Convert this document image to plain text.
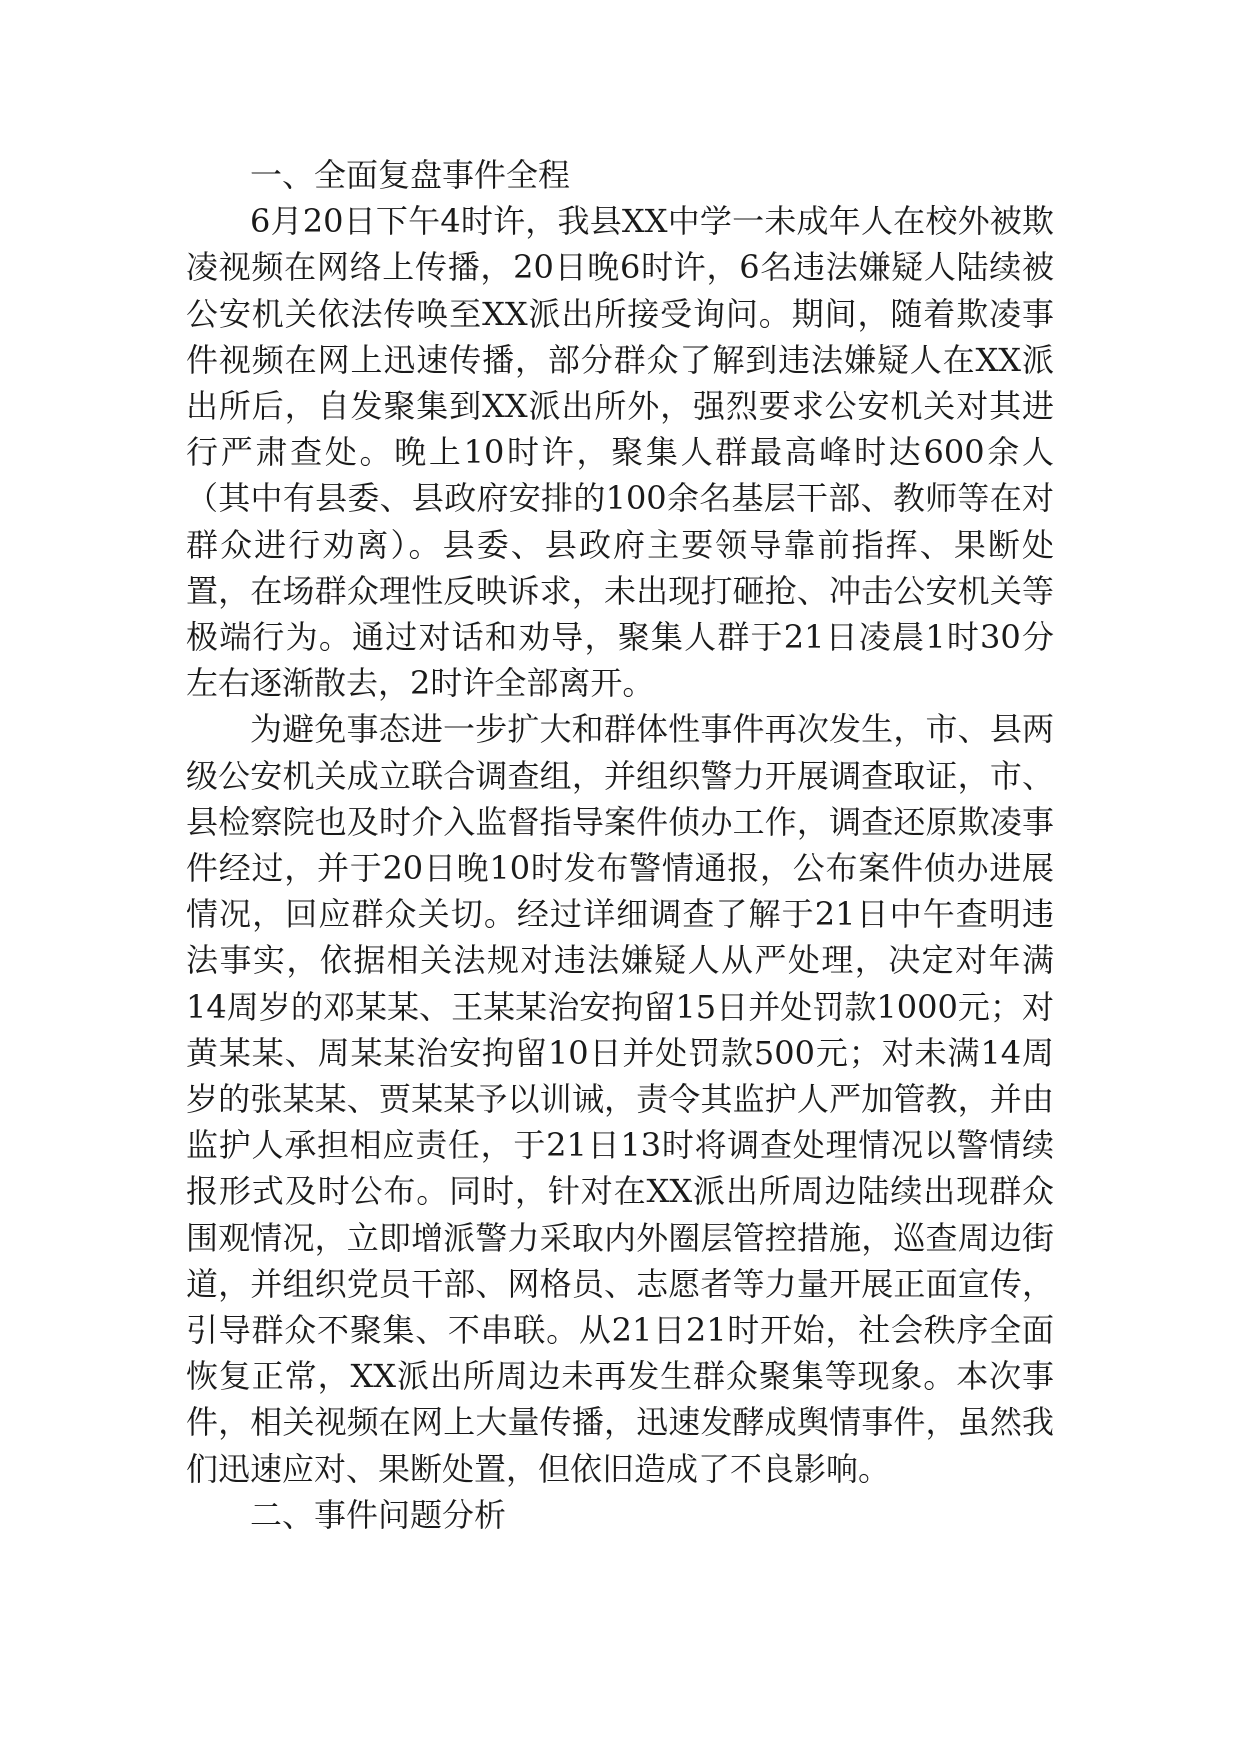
一、全面复盘事件全程

6月20日下午4时许，我县XX中学一未成年人在校外被欺凌视频在网络上传播，20日晚6时许，6名违法嫌疑人陆续被公安机关依法传唤至XX派出所接受询问。期间，随着欺凌事件视频在网上迅速传播，部分群众了解到违法嫌疑人在XX派出所后，自发聚集到XX派出所外，强烈要求公安机关对其进行严肃查处。晚上10时许，聚集人群最高峰时达600余人（其中有县委、县政府安排的100余名基层干部、教师等在对群众进行劝离）。县委、县政府主要领导靠前指挥、果断处置，在场群众理性反映诉求，未出现打砸抢、冲击公安机关等极端行为。通过对话和劝导，聚集人群于21日凌晨1时30分左右逐渐散去，2时许全部离开。

为避免事态进一步扩大和群体性事件再次发生，市、县两级公安机关成立联合调查组，并组织警力开展调查取证，市、县检察院也及时介入监督指导案件侦办工作，调查还原欺凌事件经过，并于20日晚10时发布警情通报，公布案件侦办进展情况，回应群众关切。经过详细调查了解于21日中午查明违法事实，依据相关法规对违法嫌疑人从严处理，决定对年满14周岁的邓某某、王某某治安拘留15日并处罚款1000元；对黄某某、周某某治安拘留10日并处罚款500元；对未满14周岁的张某某、贾某某予以训诫，责令其监护人严加管教，并由监护人承担相应责任，于21日13时将调查处理情况以警情续报形式及时公布。同时，针对在XX派出所周边陆续出现群众围观情况，立即增派警力采取内外圈层管控措施，巡查周边街道，并组织党员干部、网格员、志愿者等力量开展正面宣传，引导群众不聚集、不串联。从21日21时开始，社会秩序全面恢复正常，XX派出所周边未再发生群众聚集等现象。本次事件，相关视频在网上大量传播，迅速发酵成舆情事件，虽然我们迅速应对、果断处置，但依旧造成了不良影响。

二、事件问题分析
